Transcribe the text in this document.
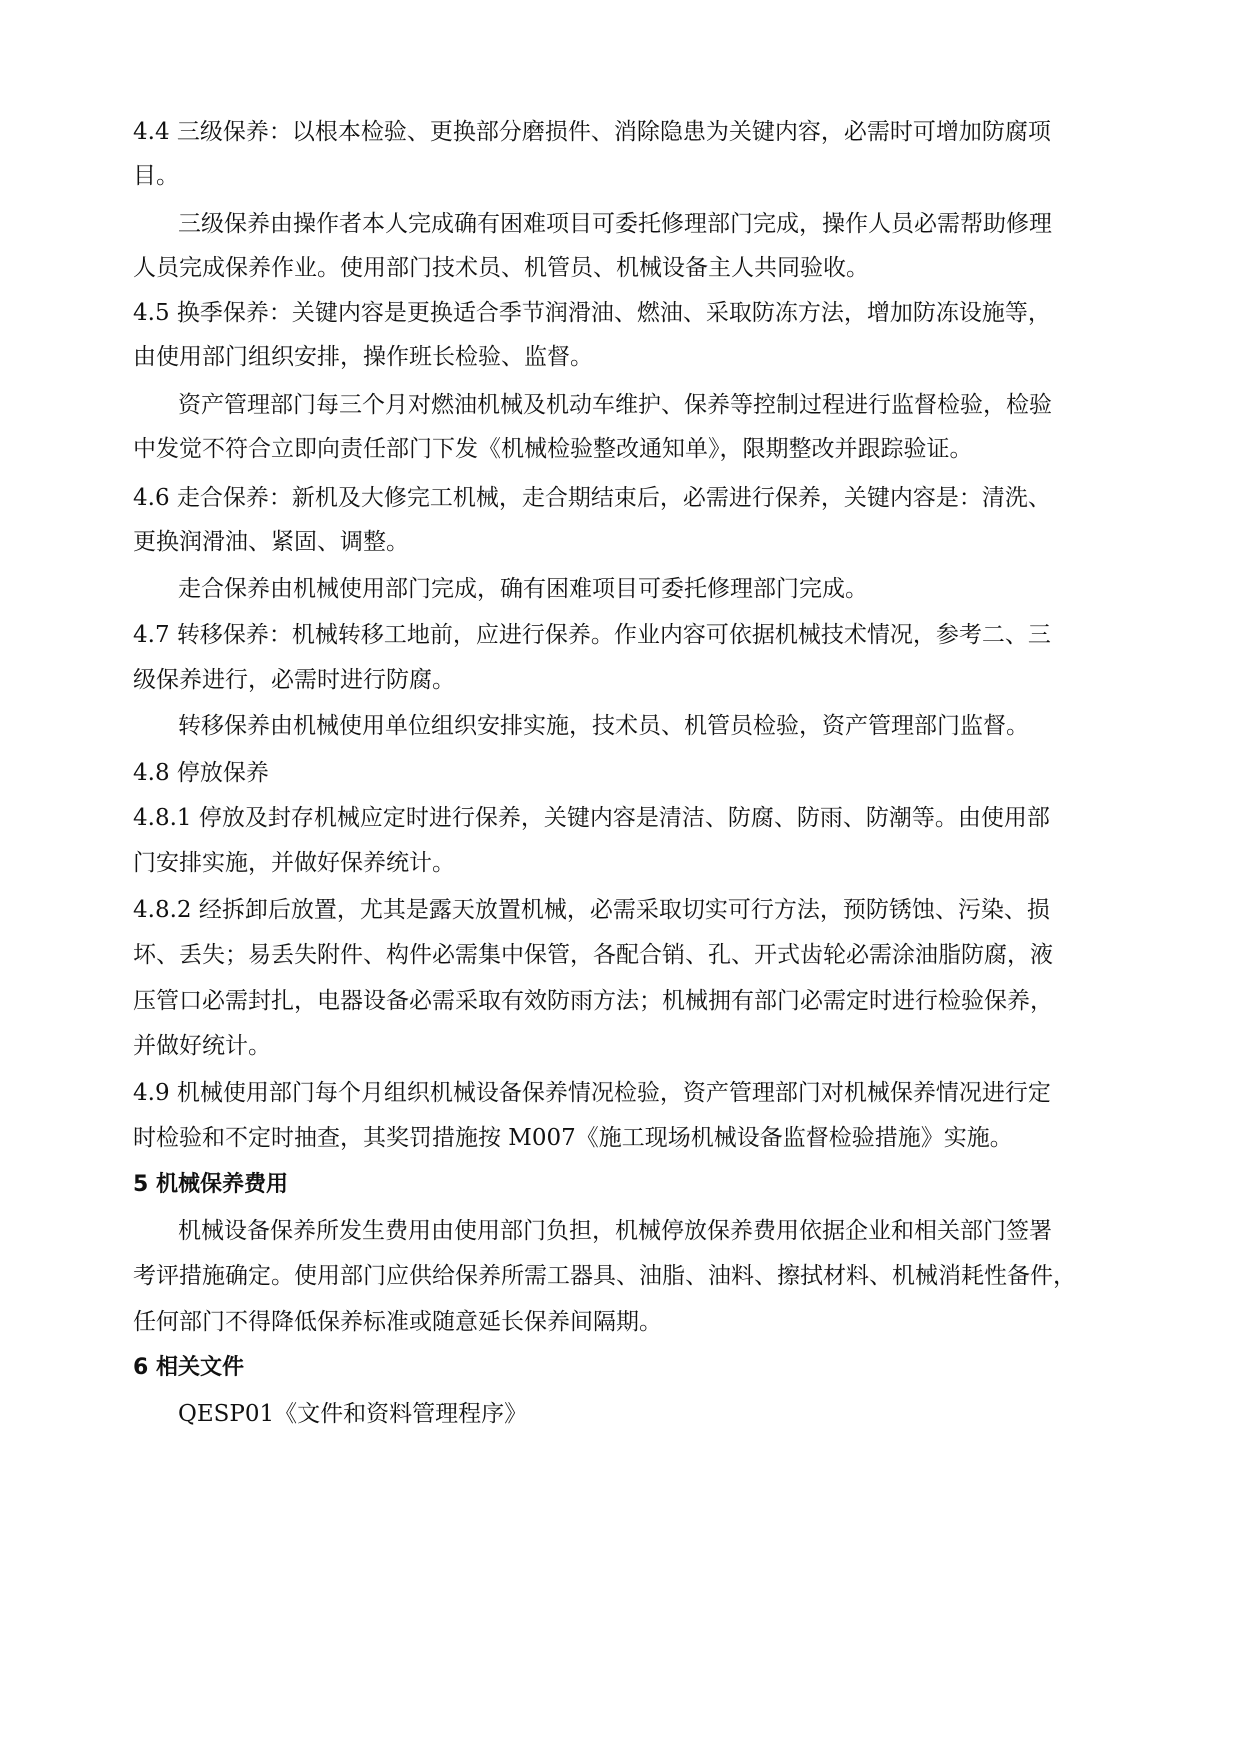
4.4 三级保养：以根本检验、更换部分磨损件、消除隐患为关键内容，必需时可增加防腐项
目。
三级保养由操作者本人完成确有困难项目可委托修理部门完成，操作人员必需帮助修理
人员完成保养作业。使用部门技术员、机管员、机械设备主人共同验收。
4.5 换季保养：关键内容是更换适合季节润滑油、燃油、采取防冻方法，增加防冻设施等，
由使用部门组织安排，操作班长检验、监督。
资产管理部门每三个月对燃油机械及机动车维护、保养等控制过程进行监督检验，检验
中发觉不符合立即向责任部门下发《机械检验整改通知单》，限期整改并跟踪验证。
4.6 走合保养：新机及大修完工机械，走合期结束后，必需进行保养，关键内容是：清洗、
更换润滑油、紧固、调整。
走合保养由机械使用部门完成，确有困难项目可委托修理部门完成。
4.7 转移保养：机械转移工地前，应进行保养。作业内容可依据机械技术情况，参考二、三
级保养进行，必需时进行防腐。
转移保养由机械使用单位组织安排实施，技术员、机管员检验，资产管理部门监督。
4.8 停放保养
4.8.1 停放及封存机械应定时进行保养，关键内容是清洁、防腐、防雨、防潮等。由使用部
门安排实施，并做好保养统计。
4.8.2 经拆卸后放置，尤其是露天放置机械，必需采取切实可行方法，预防锈蚀、污染、损
坏、丢失；易丢失附件、构件必需集中保管，各配合销、孔、开式齿轮必需涂油脂防腐，液
压管口必需封扎，电器设备必需采取有效防雨方法；机械拥有部门必需定时进行检验保养，
并做好统计。
4.9 机械使用部门每个月组织机械设备保养情况检验，资产管理部门对机械保养情况进行定
时检验和不定时抽查，其奖罚措施按 M007《施工现场机械设备监督检验措施》实施。
5 机械保养费用
机械设备保养所发生费用由使用部门负担，机械停放保养费用依据企业和相关部门签署
考评措施确定。使用部门应供给保养所需工器具、油脂、油料、擦拭材料、机械消耗性备件，
任何部门不得降低保养标准或随意延长保养间隔期。
6 相关文件
QESP01《文件和资料管理程序》
